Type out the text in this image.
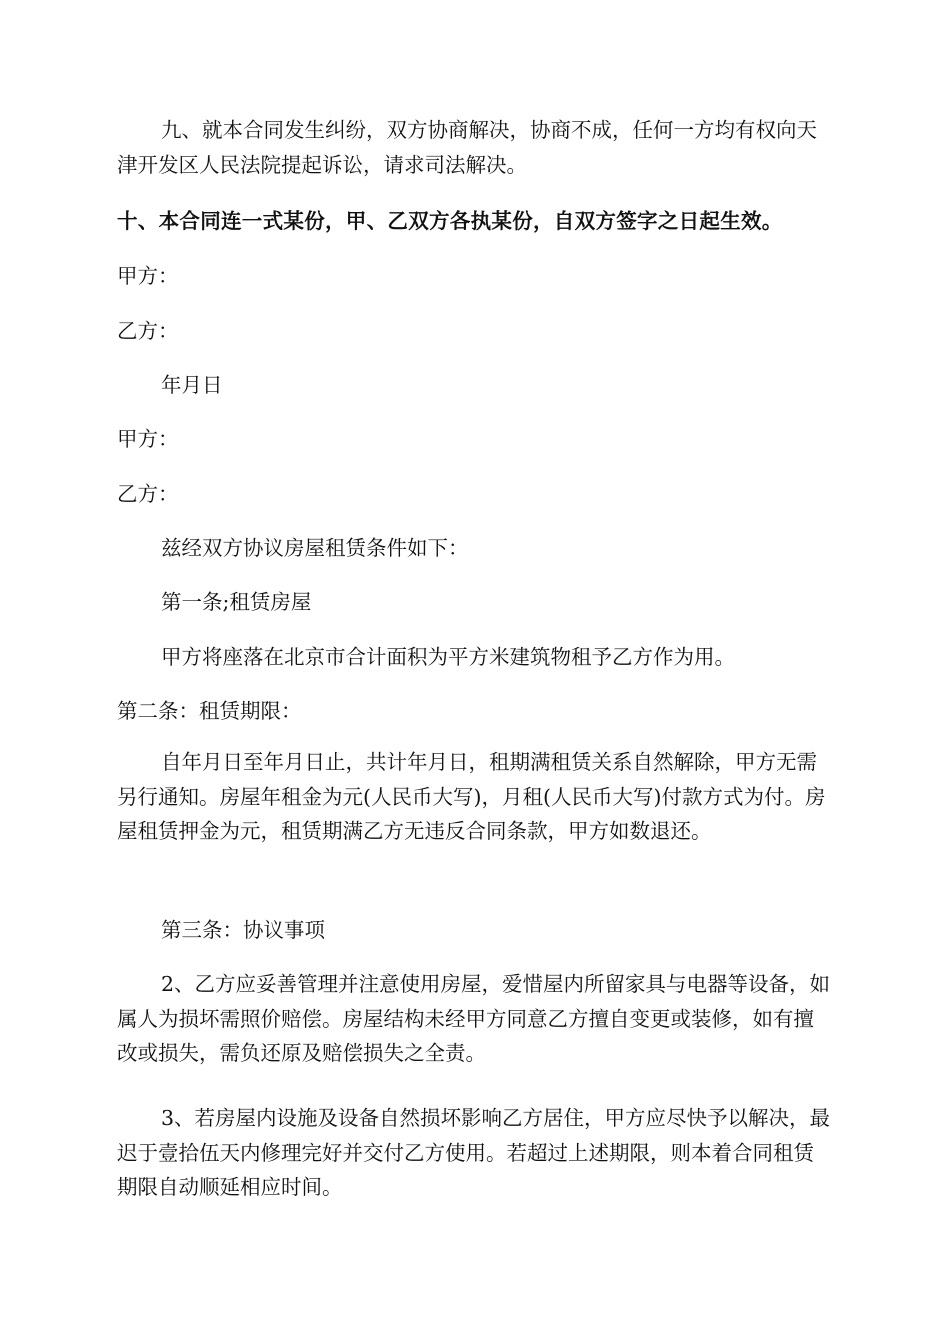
九、就本合同发生纠纷，双方协商解决，协商不成，任何一方均有权向天津开发区人民法院提起诉讼，请求司法解决。

十、本合同连一式某份，甲、乙双方各执某份，自双方签字之日起生效。

甲方：

乙方：

年月日

甲方：

乙方：

兹经双方协议房屋租赁条件如下：

第一条;租赁房屋

甲方将座落在北京市合计面积为平方米建筑物租予乙方作为用。

第二条：租赁期限：

自年月日至年月日止，共计年月日，租期满租赁关系自然解除，甲方无需另行通知。房屋年租金为元(人民币大写)，月租(人民币大写)付款方式为付。房屋租赁押金为元，租赁期满乙方无违反合同条款，甲方如数退还。

第三条：协议事项

2、乙方应妥善管理并注意使用房屋，爱惜屋内所留家具与电器等设备，如属人为损坏需照价赔偿。房屋结构未经甲方同意乙方擅自变更或装修，如有擅改或损失，需负还原及赔偿损失之全责。

3、若房屋内设施及设备自然损坏影响乙方居住，甲方应尽快予以解决，最迟于壹拾伍天内修理完好并交付乙方使用。若超过上述期限，则本着合同租赁期限自动顺延相应时间。
